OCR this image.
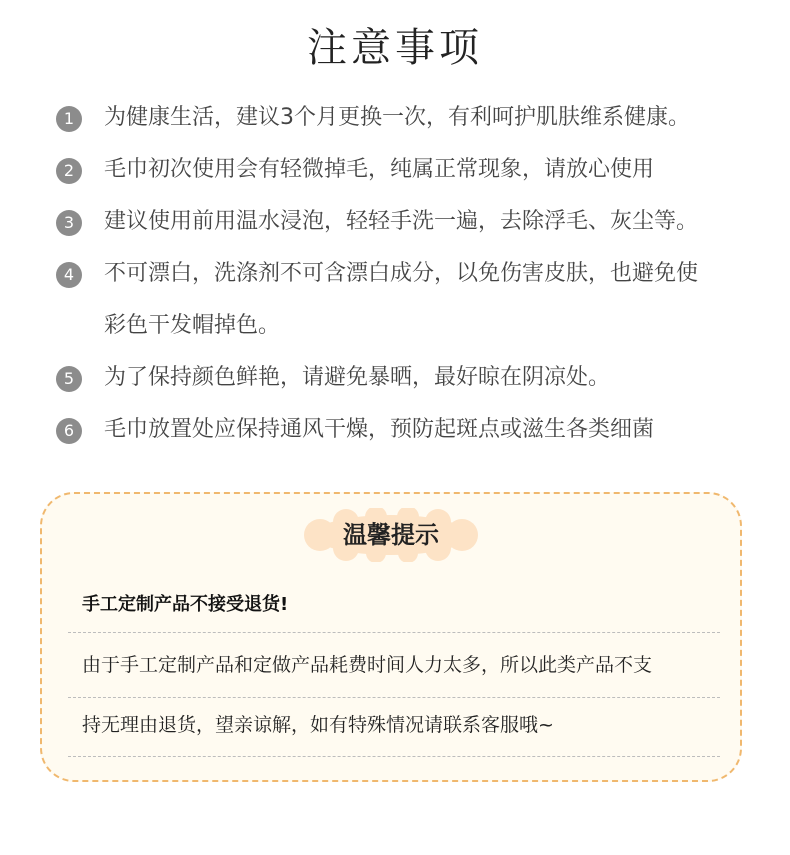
注意事项
1	为健康生活，建议3个月更换一次，有利呵护肌肤维系健康。
2	毛巾初次使用会有轻微掉毛，纯属正常现象，请放心使用
3	建议使用前用温水浸泡，轻轻手洗一遍，去除浮毛、灰尘等。
4	不可漂白，洗涤剂不可含漂白成分，以免伤害皮肤，也避免使
彩色干发帽掉色。
5	为了保持颜色鲜艳，请避免暴晒，最好晾在阴凉处。
6	毛巾放置处应保持通风干燥，预防起斑点或滋生各类细菌
温馨提示
手工定制产品不接受退货!
由于手工定制产品和定做产品耗费时间人力太多，所以此类产品不支
持无理由退货，望亲谅解，如有特殊情况请联系客服哦~
